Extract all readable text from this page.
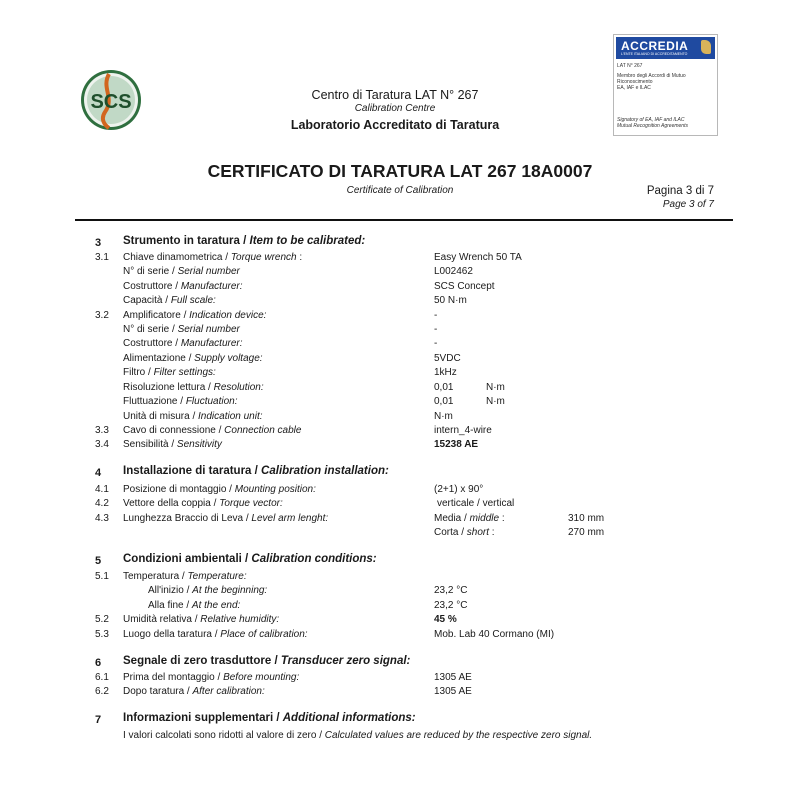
SCS	Centro di Taratura LAT N° 267
Calibration Centre
Laboratorio Accreditato di Taratura
ACCREDIA
L'ENTE ITALIANO DI ACCREDITAMENTO
LAT N° 267
Membro degli Accordi di Mutuo
Riconoscimento
EA, IAF e ILAC
Signatory of EA, IAF and ILAC
Mutual Recognition Agreements
CERTIFICATO DI TARATURA LAT 267 18A0007
Certificate of Calibration	Pagina 3 di 7
Page 3 of 7
3 Strumento in taratura / Item to be calibrated:
3.1 Chiave dinamometrica / Torque wrench :	Easy Wrench 50 TA
N° di serie / Serial number	L002462
Costruttore / Manufacturer:	SCS Concept
Capacità / Full scale:	50 N·m
3.2 Amplificatore / Indication device:	-
N° di serie / Serial number	-
Costruttore / Manufacturer:	-
Alimentazione / Supply voltage:	5VDC
Filtro / Filter settings:	1kHz
Risoluzione lettura / Resolution:	0,01	N·m
Fluttuazione / Fluctuation:	0,01	N·m
Unità di misura / Indication unit:	N·m
3.3 Cavo di connessione / Connection cable	intern_4-wire
3.4 Sensibilità / Sensitivity	15238 AE
4 Installazione di taratura / Calibration installation:
4.1 Posizione di montaggio / Mounting position:	(2+1) x 90°
4.2 Vettore della coppia / Torque vector:	verticale / vertical
4.3 Lunghezza Braccio di Leva / Level arm lenght:	Media / middle :	310 mm
Corta / short :	270 mm
5 Condizioni ambientali / Calibration conditions:
5.1 Temperatura / Temperature:
All'inizio / At the beginning:	23,2 °C
Alla fine / At the end:	23,2 °C
5.2 Umidità relativa / Relative humidity:	45 %
5.3 Luogo della taratura / Place of calibration:	Mob. Lab 40 Cormano (MI)
6 Segnale di zero trasduttore / Transducer zero signal:
6.1 Prima del montaggio / Before mounting:	1305 AE
6.2 Dopo taratura / After calibration:	1305 AE
7 Informazioni supplementari / Additional informations:
I valori calcolati sono ridotti al valore di zero / Calculated values are reduced by the respective zero signal.
